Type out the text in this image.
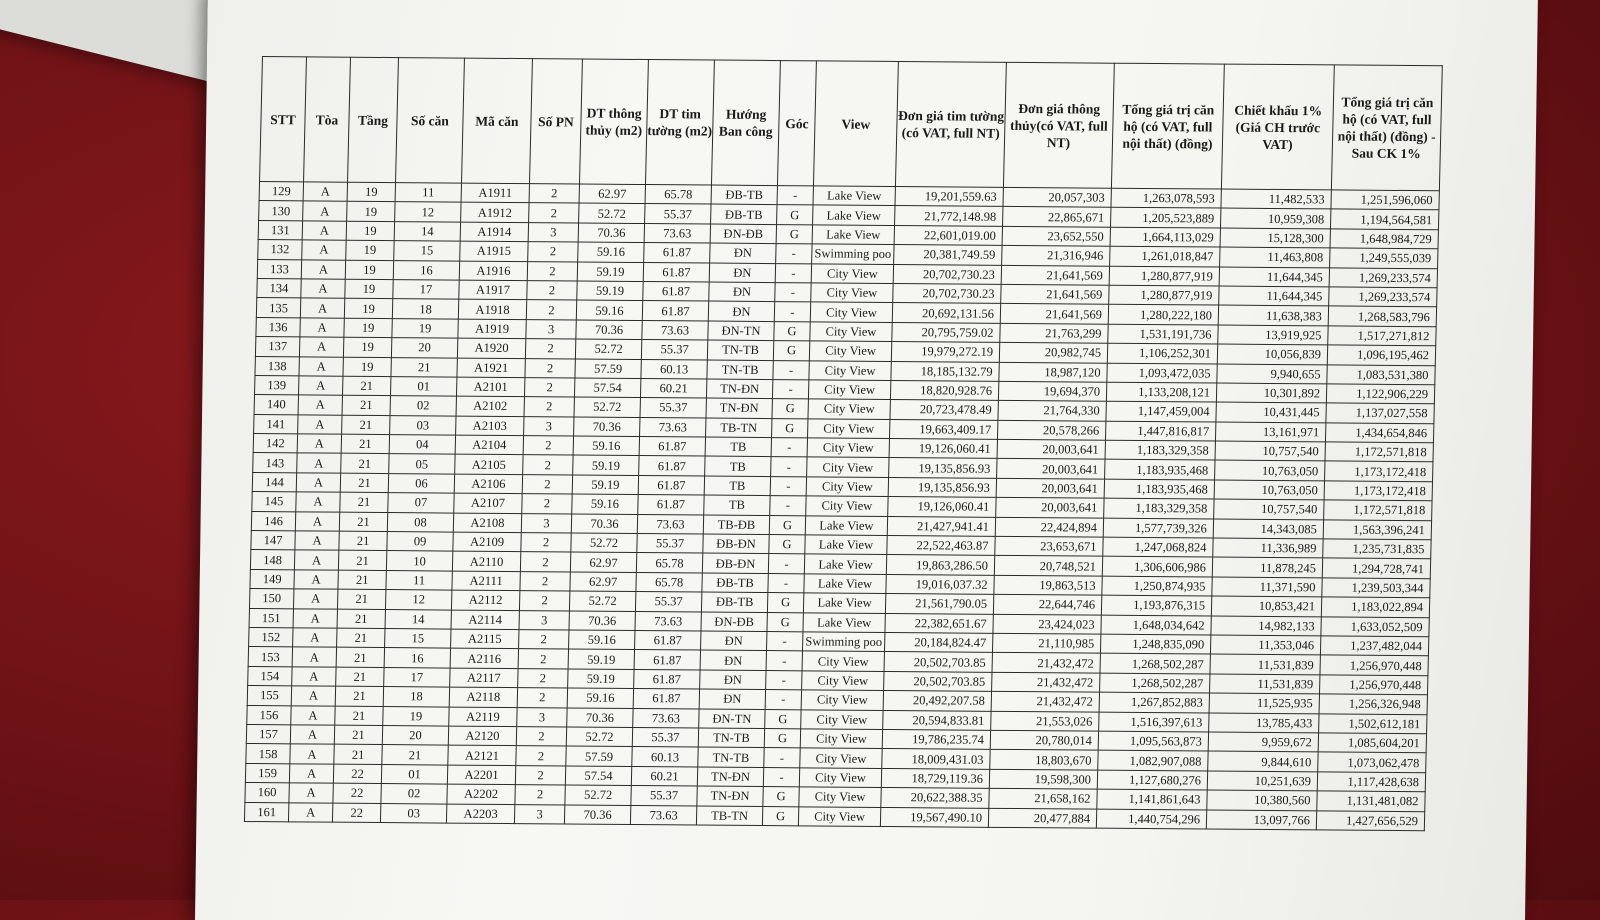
STT	Tòa	Tầng	Số căn	Mã căn	Số PN	DT thông thủy (m2)	DT tim tường (m2)	Hướng Ban công	Góc	View	Đơn giá tim tường (có VAT, full NT)	Đơn giá thông thủy(có VAT, full NT)	Tổng giá trị căn hộ (có VAT, full nội thất) (đồng)	Chiết khấu 1% (Giá CH trước VAT)	Tổng giá trị căn hộ (có VAT, full nội thất) (đồng) - Sau CK 1%
129	A	19	11	A1911	2	62.97	65.78	ĐB-TB	-	Lake View	19,201,559.63	20,057,303	1,263,078,593	11,482,533	1,251,596,060
130	A	19	12	A1912	2	52.72	55.37	ĐB-TB	G	Lake View	21,772,148.98	22,865,671	1,205,523,889	10,959,308	1,194,564,581
131	A	19	14	A1914	3	70.36	73.63	ĐN-ĐB	G	Lake View	22,601,019.00	23,652,550	1,664,113,029	15,128,300	1,648,984,729
132	A	19	15	A1915	2	59.16	61.87	ĐN	-	Swimming poo	20,381,749.59	21,316,946	1,261,018,847	11,463,808	1,249,555,039
133	A	19	16	A1916	2	59.19	61.87	ĐN	-	City View	20,702,730.23	21,641,569	1,280,877,919	11,644,345	1,269,233,574
134	A	19	17	A1917	2	59.19	61.87	ĐN	-	City View	20,702,730.23	21,641,569	1,280,877,919	11,644,345	1,269,233,574
135	A	19	18	A1918	2	59.16	61.87	ĐN	-	City View	20,692,131.56	21,641,569	1,280,222,180	11,638,383	1,268,583,796
136	A	19	19	A1919	3	70.36	73.63	ĐN-TN	G	City View	20,795,759.02	21,763,299	1,531,191,736	13,919,925	1,517,271,812
137	A	19	20	A1920	2	52.72	55.37	TN-TB	G	City View	19,979,272.19	20,982,745	1,106,252,301	10,056,839	1,096,195,462
138	A	19	21	A1921	2	57.59	60.13	TN-TB	-	City View	18,185,132.79	18,987,120	1,093,472,035	9,940,655	1,083,531,380
139	A	21	01	A2101	2	57.54	60.21	TN-ĐN	-	City View	18,820,928.76	19,694,370	1,133,208,121	10,301,892	1,122,906,229
140	A	21	02	A2102	2	52.72	55.37	TN-ĐN	G	City View	20,723,478.49	21,764,330	1,147,459,004	10,431,445	1,137,027,558
141	A	21	03	A2103	3	70.36	73.63	TB-TN	G	City View	19,663,409.17	20,578,266	1,447,816,817	13,161,971	1,434,654,846
142	A	21	04	A2104	2	59.16	61.87	TB	-	City View	19,126,060.41	20,003,641	1,183,329,358	10,757,540	1,172,571,818
143	A	21	05	A2105	2	59.19	61.87	TB	-	City View	19,135,856.93	20,003,641	1,183,935,468	10,763,050	1,173,172,418
144	A	21	06	A2106	2	59.19	61.87	TB	-	City View	19,135,856.93	20,003,641	1,183,935,468	10,763,050	1,173,172,418
145	A	21	07	A2107	2	59.16	61.87	TB	-	City View	19,126,060.41	20,003,641	1,183,329,358	10,757,540	1,172,571,818
146	A	21	08	A2108	3	70.36	73.63	TB-ĐB	G	Lake View	21,427,941.41	22,424,894	1,577,739,326	14,343,085	1,563,396,241
147	A	21	09	A2109	2	52.72	55.37	ĐB-ĐN	G	Lake View	22,522,463.87	23,653,671	1,247,068,824	11,336,989	1,235,731,835
148	A	21	10	A2110	2	62.97	65.78	ĐB-ĐN	-	Lake View	19,863,286.50	20,748,521	1,306,606,986	11,878,245	1,294,728,741
149	A	21	11	A2111	2	62.97	65.78	ĐB-TB	-	Lake View	19,016,037.32	19,863,513	1,250,874,935	11,371,590	1,239,503,344
150	A	21	12	A2112	2	52.72	55.37	ĐB-TB	G	Lake View	21,561,790.05	22,644,746	1,193,876,315	10,853,421	1,183,022,894
151	A	21	14	A2114	3	70.36	73.63	ĐN-ĐB	G	Lake View	22,382,651.67	23,424,023	1,648,034,642	14,982,133	1,633,052,509
152	A	21	15	A2115	2	59.16	61.87	ĐN	-	Swimming poo	20,184,824.47	21,110,985	1,248,835,090	11,353,046	1,237,482,044
153	A	21	16	A2116	2	59.19	61.87	ĐN	-	City View	20,502,703.85	21,432,472	1,268,502,287	11,531,839	1,256,970,448
154	A	21	17	A2117	2	59.19	61.87	ĐN	-	City View	20,502,703.85	21,432,472	1,268,502,287	11,531,839	1,256,970,448
155	A	21	18	A2118	2	59.16	61.87	ĐN	-	City View	20,492,207.58	21,432,472	1,267,852,883	11,525,935	1,256,326,948
156	A	21	19	A2119	3	70.36	73.63	ĐN-TN	G	City View	20,594,833.81	21,553,026	1,516,397,613	13,785,433	1,502,612,181
157	A	21	20	A2120	2	52.72	55.37	TN-TB	G	City View	19,786,235.74	20,780,014	1,095,563,873	9,959,672	1,085,604,201
158	A	21	21	A2121	2	57.59	60.13	TN-TB	-	City View	18,009,431.03	18,803,670	1,082,907,088	9,844,610	1,073,062,478
159	A	22	01	A2201	2	57.54	60.21	TN-ĐN	-	City View	18,729,119.36	19,598,300	1,127,680,276	10,251,639	1,117,428,638
160	A	22	02	A2202	2	52.72	55.37	TN-ĐN	G	City View	20,622,388.35	21,658,162	1,141,861,643	10,380,560	1,131,481,082
161	A	22	03	A2203	3	70.36	73.63	TB-TN	G	City View	19,567,490.10	20,477,884	1,440,754,296	13,097,766	1,427,656,529
